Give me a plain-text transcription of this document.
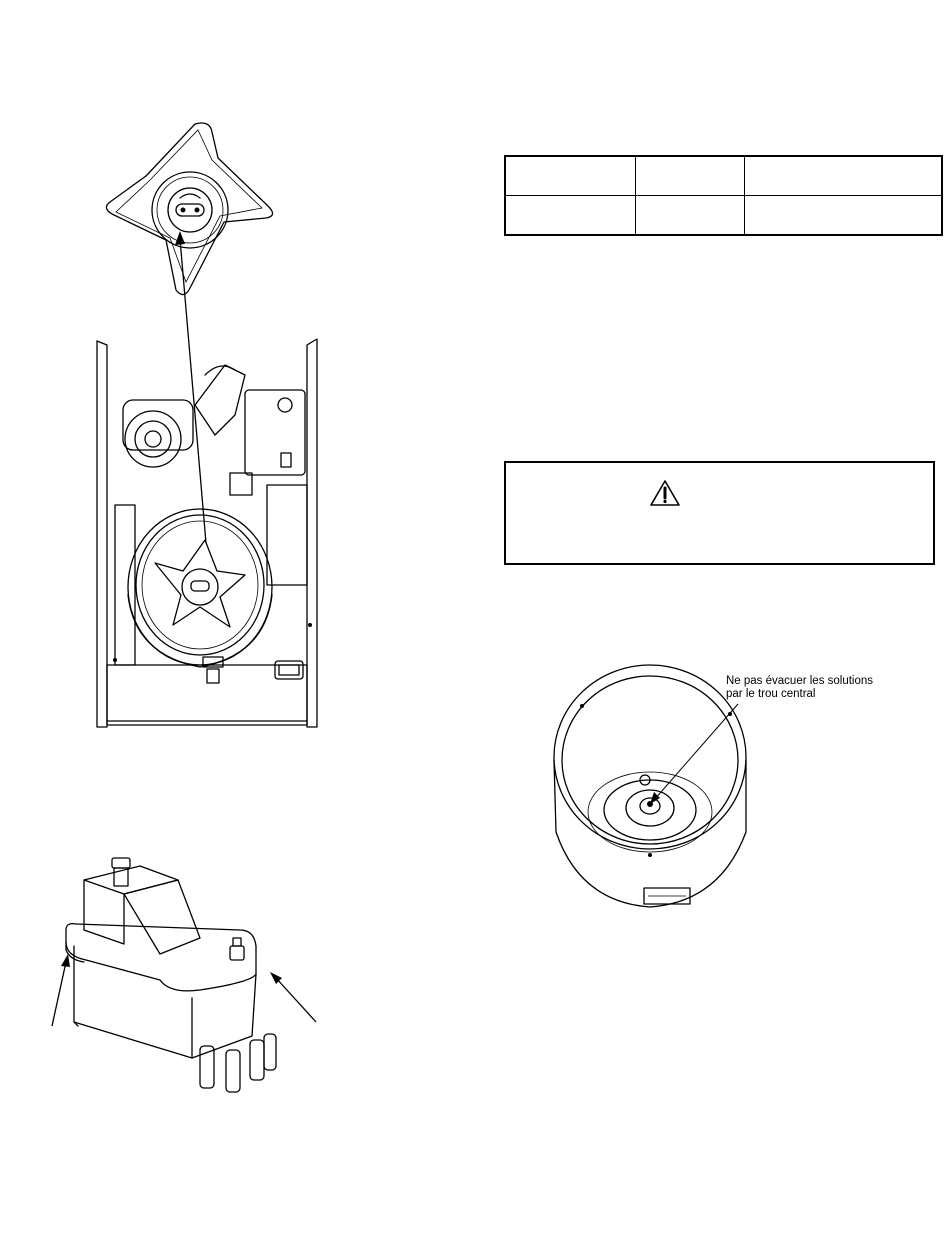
Ne pas évacuer les solutions
par le trou central
